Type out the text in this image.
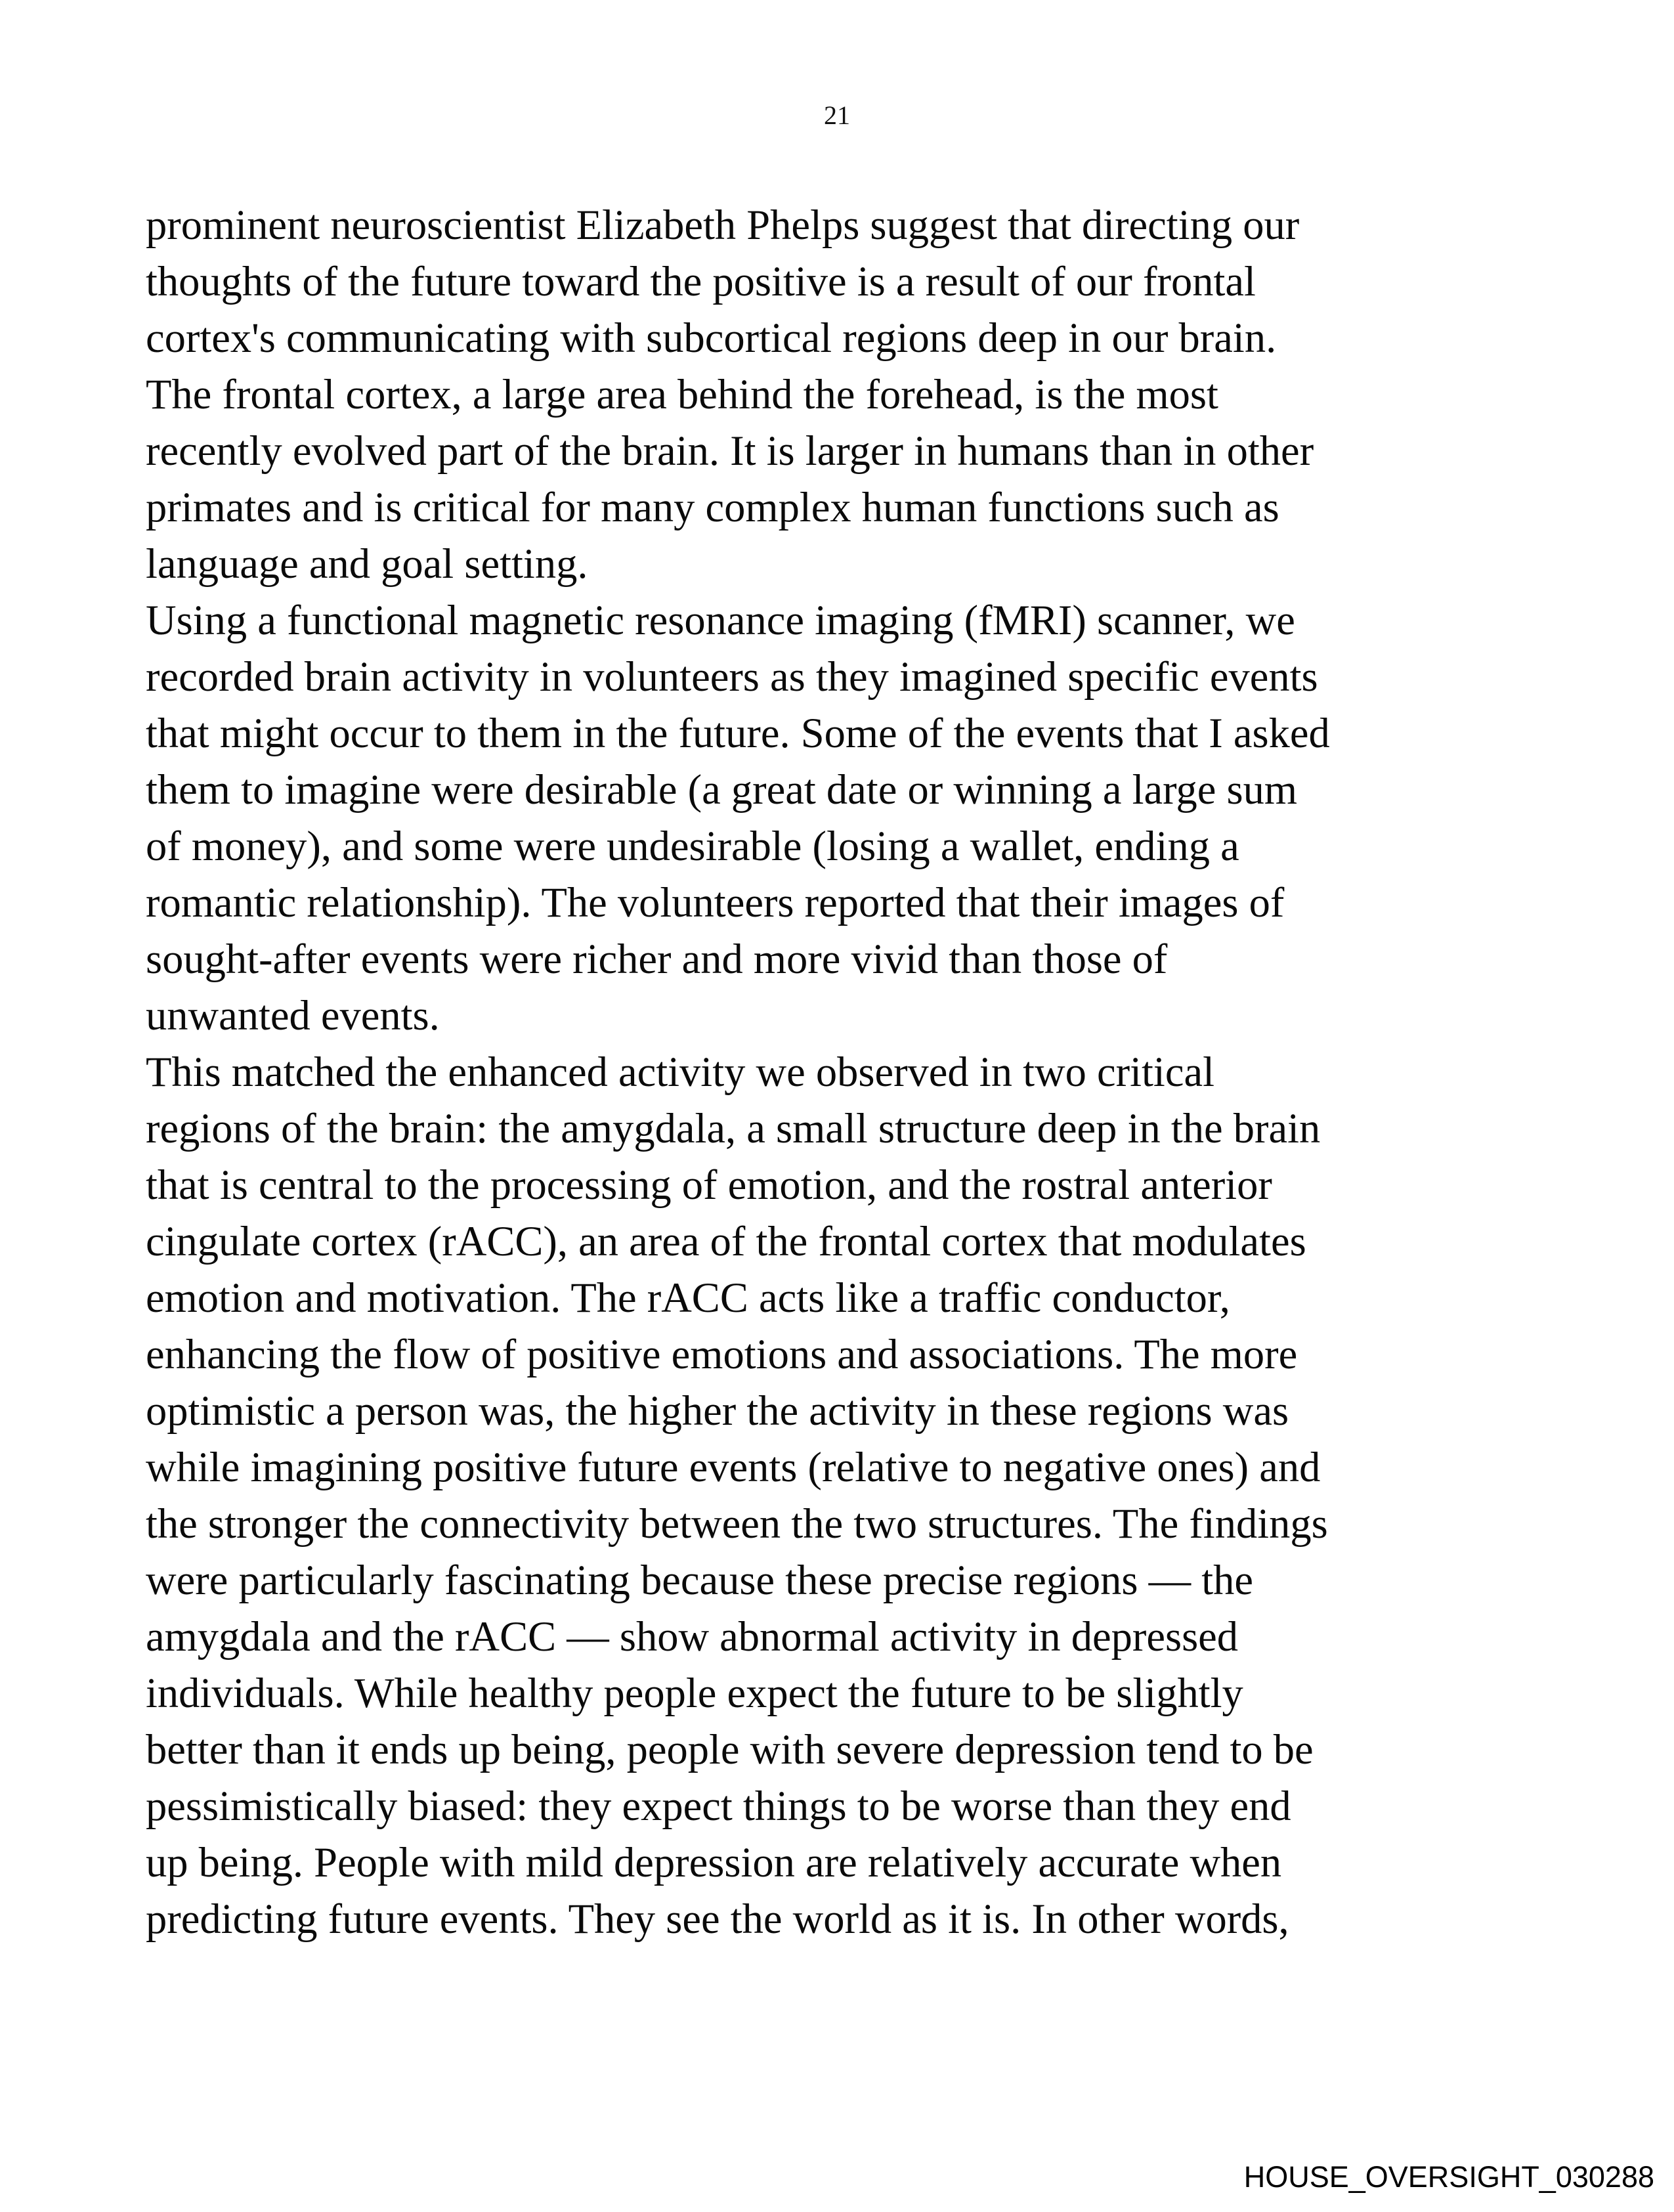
21
prominent neuroscientist Elizabeth Phelps suggest that directing our
thoughts of the future toward the positive is a result of our frontal
cortex's communicating with subcortical regions deep in our brain.
The frontal cortex, a large area behind the forehead, is the most
recently evolved part of the brain. It is larger in humans than in other
primates and is critical for many complex human functions such as
language and goal setting.
Using a functional magnetic resonance imaging (fMRI) scanner, we
recorded brain activity in volunteers as they imagined specific events
that might occur to them in the future. Some of the events that I asked
them to imagine were desirable (a great date or winning a large sum
of money), and some were undesirable (losing a wallet, ending a
romantic relationship). The volunteers reported that their images of
sought-after events were richer and more vivid than those of
unwanted events.
This matched the enhanced activity we observed in two critical
regions of the brain: the amygdala, a small structure deep in the brain
that is central to the processing of emotion, and the rostral anterior
cingulate cortex (rACC), an area of the frontal cortex that modulates
emotion and motivation. The rACC acts like a traffic conductor,
enhancing the flow of positive emotions and associations. The more
optimistic a person was, the higher the activity in these regions was
while imagining positive future events (relative to negative ones) and
the stronger the connectivity between the two structures. The findings
were particularly fascinating because these precise regions — the
amygdala and the rACC — show abnormal activity in depressed
individuals. While healthy people expect the future to be slightly
better than it ends up being, people with severe depression tend to be
pessimistically biased: they expect things to be worse than they end
up being. People with mild depression are relatively accurate when
predicting future events. They see the world as it is. In other words,
HOUSE_OVERSIGHT_030288
